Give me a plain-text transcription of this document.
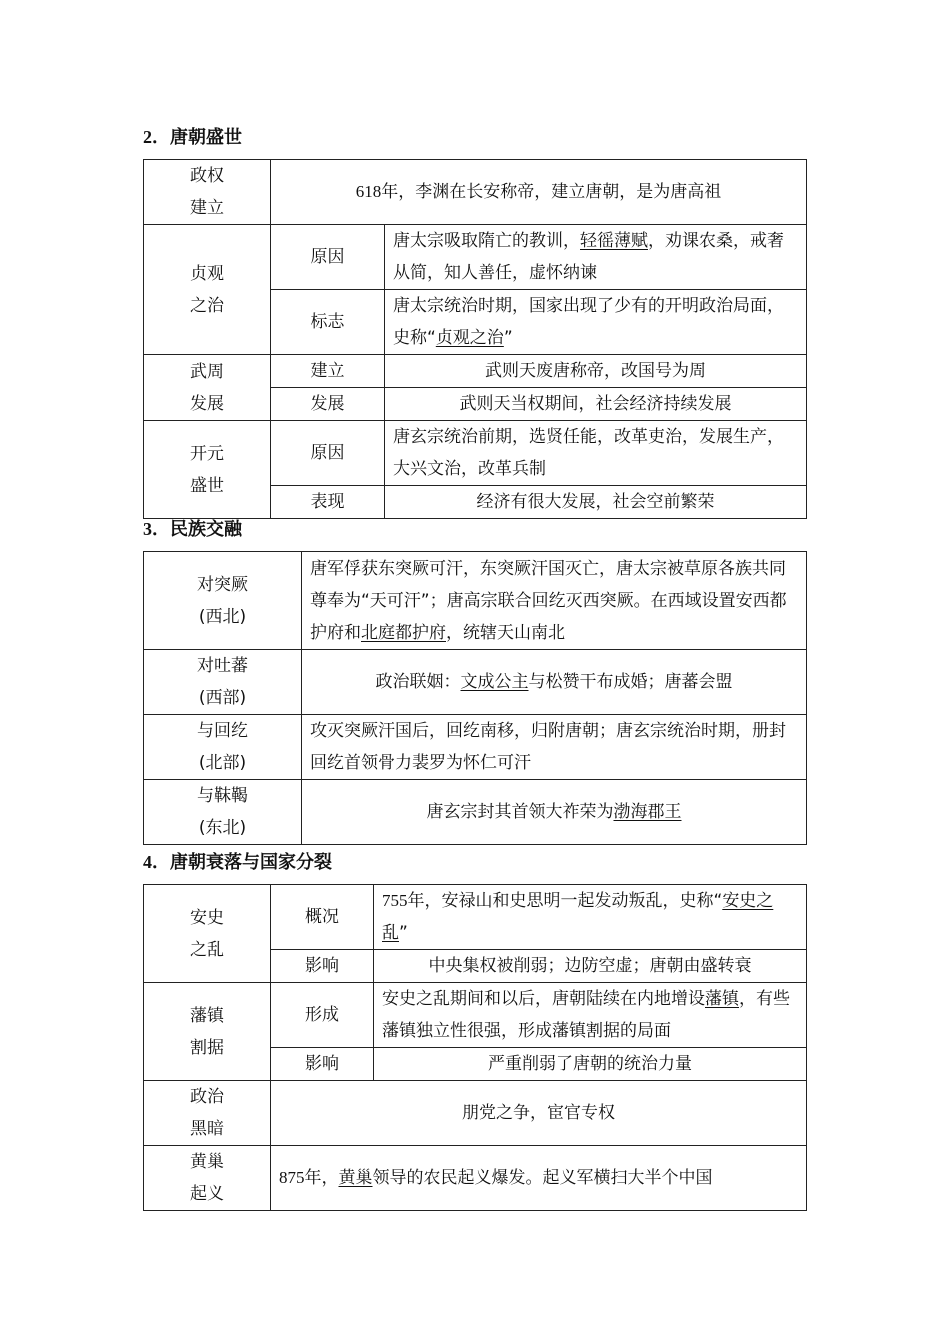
2．唐朝盛世
政权
建立	618年，李渊在长安称帝，建立唐朝，是为唐高祖	
贞观
之治	原因	唐太宗吸取隋亡的教训，轻徭薄赋，劝课农桑，戒奢从简，知人善任，虚怀纳谏
	标志	唐太宗统治时期，国家出现了少有的开明政治局面，史称“贞观之治”
武周
发展	建立	武则天废唐称帝，改国号为周
	发展	武则天当权期间，社会经济持续发展
开元
盛世	原因	唐玄宗统治前期，选贤任能，改革吏治，发展生产，大兴文治，改革兵制
	表现	经济有很大发展，社会空前繁荣
3．民族交融
对突厥
(西北)	唐军俘获东突厥可汗，东突厥汗国灭亡，唐太宗被草原各族共同尊奉为“天可汗”；唐高宗联合回纥灭西突厥。在西域设置安西都护府和北庭都护府，统辖天山南北
对吐蕃
(西部)	政治联姻：文成公主与松赞干布成婚；唐蕃会盟
与回纥
(北部)	攻灭突厥汗国后，回纥南移，归附唐朝；唐玄宗统治时期，册封回纥首领骨力裴罗为怀仁可汗
与靺鞨
(东北)	唐玄宗封其首领大祚荣为渤海郡王
4．唐朝衰落与国家分裂
安史
之乱	概况	755年，安禄山和史思明一起发动叛乱，史称“安史之乱”
	影响	中央集权被削弱；边防空虚；唐朝由盛转衰
藩镇
割据	形成	安史之乱期间和以后，唐朝陆续在内地增设藩镇，有些藩镇独立性很强，形成藩镇割据的局面
	影响	严重削弱了唐朝的统治力量
政治
黑暗	朋党之争，宦官专权	
黄巢
起义	875年，黄巢领导的农民起义爆发。起义军横扫大半个中国	
